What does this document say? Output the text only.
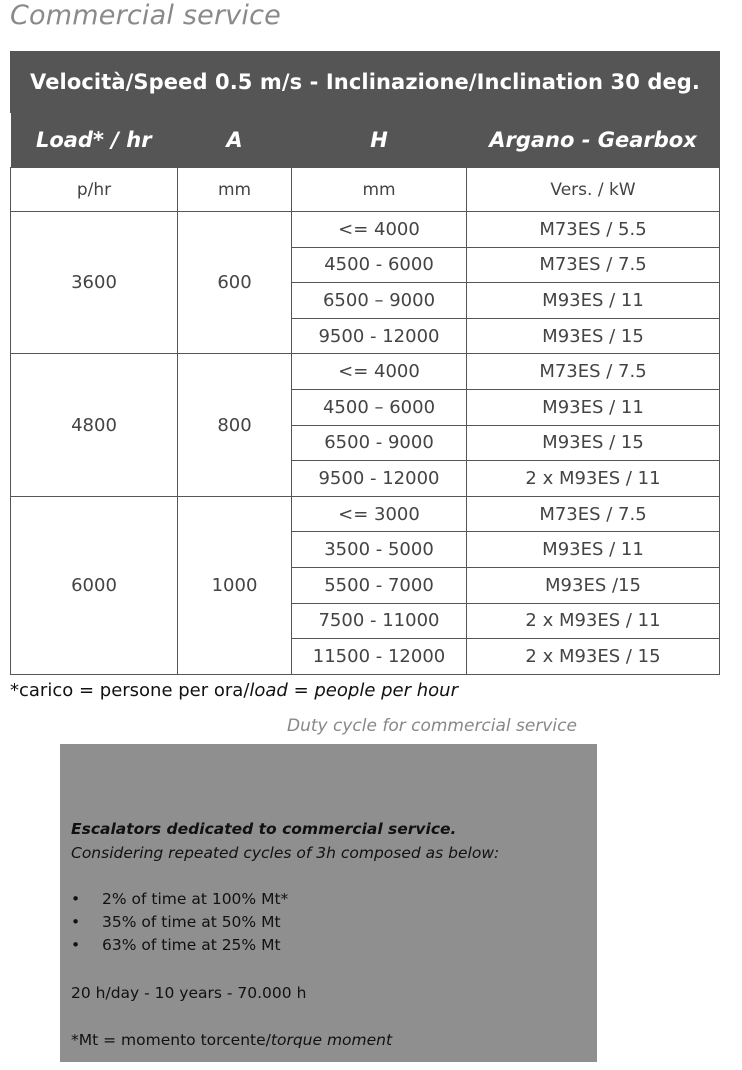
Commercial service
Velocità/Speed 0.5 m/s - Inclinazione/Inclination 30 deg.			
Load* / hr	A	H	Argano - Gearbox
p/hr	mm	mm	Vers. / kW
3600	600	<= 4000	M73ES / 5.5
		4500 - 6000	M73ES / 7.5
		6500 – 9000	M93ES / 11
		9500 - 12000	M93ES / 15
4800	800	<= 4000	M73ES / 7.5
		4500 – 6000	M93ES / 11
		6500 - 9000	M93ES / 15
		9500 - 12000	2 x M93ES / 11
6000	1000	<= 3000	M73ES / 7.5
		3500 - 5000	M93ES / 11
		5500 - 7000	M93ES /15
		7500 - 11000	2 x M93ES / 11
		11500 - 12000	2 x M93ES / 15
*carico = persone per ora/load = people per hour
Duty cycle for commercial service
Escalators dedicated to commercial service.
Considering repeated cycles of 3h composed as below:
•	2% of time at 100% Mt*
•	35% of time at 50% Mt
•	63% of time at 25% Mt
20 h/day - 10 years - 70.000 h
*Mt = momento torcente/torque moment
